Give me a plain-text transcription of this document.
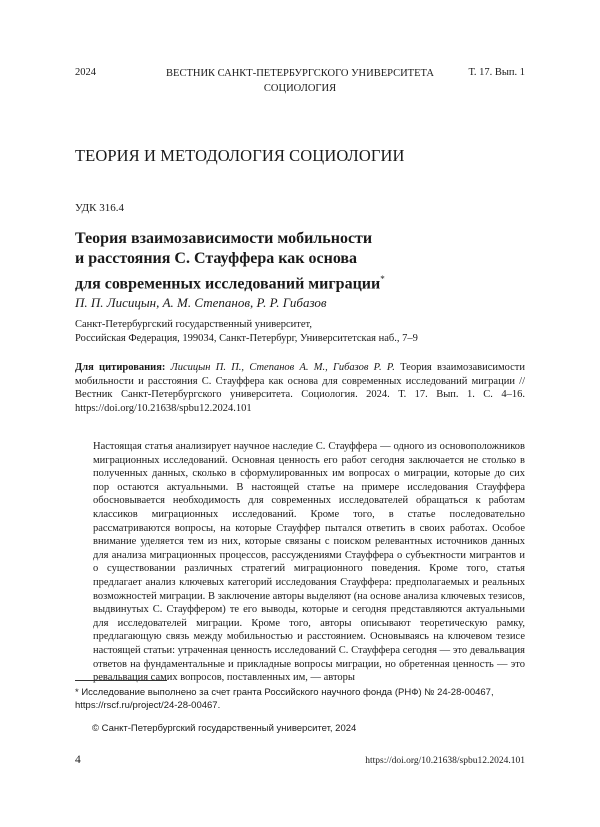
2024	ВЕСТНИК САНКТ-ПЕТЕРБУРГСКОГО УНИВЕРСИТЕТА
СОЦИОЛОГИЯ
Т. 17. Вып. 1
ТЕОРИЯ И МЕТОДОЛОГИЯ СОЦИОЛОГИИ
УДК 316.4
Теория взаимозависимости мобильности
и расстояния С. Стауффера как основа
для современных исследований миграции*
П. П. Лисицын, А. М. Степанов, Р. Р. Гибазов
Санкт-Петербургский государственный университет,
Российская Федерация, 199034, Санкт-Петербург, Университетская наб., 7–9
Для цитирования: Лисицын П. П., Степанов А. М., Гибазов Р. Р. Теория взаимозависимости мобильности и расстояния С. Стауффера как основа для современных исследований миграции // Вестник Санкт-Петербургского университета. Социология. 2024. Т. 17. Вып. 1. С. 4–16. https://doi.org/10.21638/spbu12.2024.101
Настоящая статья анализирует научное наследие С. Стауффера — одного из основоположников миграционных исследований. Основная ценность его работ сегодня заключается не столько в полученных данных, сколько в сформулированных им вопросах о миграции, которые до сих пор остаются актуальными. В настоящей статье на примере исследования Стауффера обосновывается необходимость для современных исследователей обращаться к работам классиков миграционных исследований. Кроме того, в статье последовательно рассматриваются вопросы, на которые Стауффер пытался ответить в своих работах. Особое внимание уделяется тем из них, которые связаны с поиском релевантных источников данных для анализа миграционных процессов, рассуждениями Стауффера о субъектности мигрантов и о существовании различных стратегий миграционного поведения. Кроме того, статья предлагает анализ ключевых категорий исследования Стауффера: предполагаемых и реальных возможностей миграции. В заключение авторы выделяют (на основе анализа ключевых тезисов, выдвинутых С. Стауффером) те его выводы, которые и сегодня представляются актуальными для исследователей миграции. Кроме того, авторы описывают теоретическую рамку, предлагающую связь между мобильностью и расстоянием. Основываясь на ключевом тезисе настоящей статьи: утраченная ценность исследований С. Стауффера сегодня — это девальвация ответов на фундаментальные и прикладные вопросы миграции, но обретенная ценность — это ревальвация самих вопросов, поставленных им, — авторы
* Исследование выполнено за счет гранта Российского научного фонда (РНФ) № 24-28-00467, https://rscf.ru/project/24-28-00467.
© Санкт-Петербургский государственный университет, 2024
4	https://doi.org/10.21638/spbu12.2024.101
